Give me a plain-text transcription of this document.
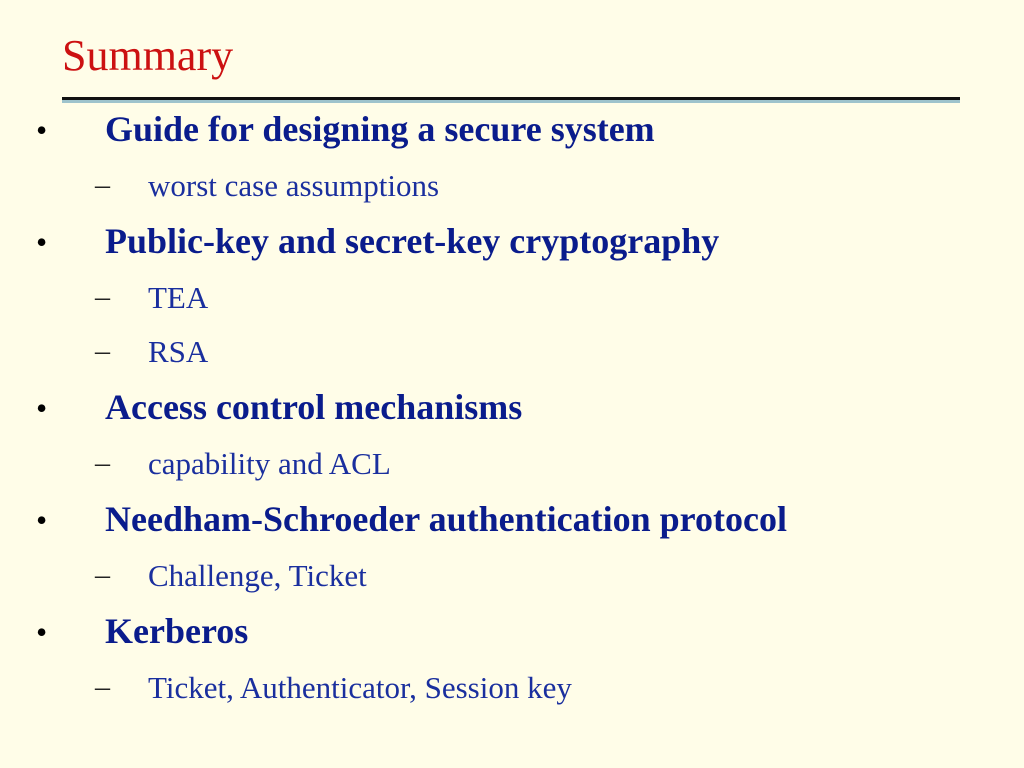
Summary
• Guide for designing a secure system
– worst case assumptions
• Public-key and secret-key cryptography
– TEA
– RSA
• Access control mechanisms
– capability and ACL
• Needham-Schroeder authentication protocol
– Challenge, Ticket
• Kerberos
– Ticket, Authenticator, Session key
